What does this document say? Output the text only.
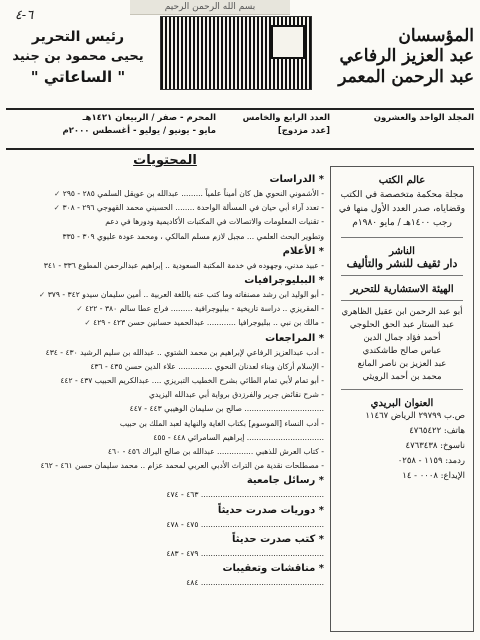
بسم الله الرحمن الرحيم
٦-٤
المؤسسان
عبد العزيز الرفاعي
عبد الرحمن المعمر
رئيس التحرير
يحيى محمود بن جنيد
" الساعاتي "
المجلد الواحد والعشرون
العدد الرابع والخامس
[عدد مزدوج]
المحرم - صفر / الربيعان ١٤٢١هـ
مايو - يونيو / يوليو - أغسطس ٢٠٠٠م
عالم الكتب
مجلة محكمة متخصصة في الكتب وقضاياه، صدر العدد الأول منها في رجب ١٤٠٠هـ / مايو ١٩٨٠م
الناشر
دار ثقيف للنشر والتأليف
الهيئة الاستشارية للتحرير
أبو عبد الرحمن ابن عقيل الظاهري
عبد الستار عبد الحق الحلوجي
أحمد فؤاد جمال الدين
عباس صالح طاشكندي
عبد العزيز بن ناصر المانع
محمد بن أحمد الرويثي
العنوان البريدي
ص.ب ٢٩٧٩٩ الرياض ١١٤٦٧
هاتف: ٤٧٦٥٤٢٢
ناسوخ: ٤٧٦٣٤٣٨
ردمد: ١١٥٩ - ٠٢٥٨
الإيداع: ٠٠٠٨ - ١٤
المحتويات
* الدراسات
- الأشموني النحوي هل كان أميناً علمياً ......... عبدالله بن عويقل السلمي ٢٨٥ - ٢٩٥ ✓
- تعدد آراء أبي حيان في المسألة الواحدة ........ الحسيني محمد القهوجي ٢٩٦ - ٣٠٨ ✓
- تقنيات المعلومات والاتصالات في المكتبات الأكاديمية ودورها في دعم
وتطوير البحث العلمي ... مجبل لازم مسلم المالكي ، ومحمد عودة عليوي ٣٠٩ - ٣٣٥
* الأعلام
- عبيد مدني، وجهوده في خدمة المكتبة السعودية .. إبراهيم عبدالرحمن المطوع ٣٣٦ - ٣٤١
* الببليوجرافيات
- أبو الوليد ابن رشد مصنفاته وما كتب عنه باللغة العربية .. أمين سليمان سيدو ٣٤٢ - ٣٧٩ ✓
- المقريزي .. دراسة تاريخية - ببليوجرافية ......... فراج عطا سالم ٣٨٠ - ٤٢٢ ✓
- مالك بن نبي .. ببليوجرافيا ............ عبدالحميد حسانين حسن ٤٢٣ - ٤٢٩ ✓
* المراجعات
- أدب عبدالعزيز الرفاعي لإبراهيم بن محمد الشتوي .. عبدالله بن سليم الرشيد ٤٣٠ - ٤٣٤
- الإسلام أركان وبناء لعدنان النحوي .............. علاء الدين حسن ٤٣٥ - ٤٣٦
- أبو تمام لأبي تمام الطائي بشرح الخطيب التبريزي .... عبدالكريم الحبيب ٤٣٧ - ٤٤٢
- شرح نقائض جرير والفرزدق برواية أبي عبدالله اليزيدي
................................. صالح بن سليمان الوهيبي ٤٤٣ - ٤٤٧
- أدب النساء [الموسوم] بكتاب الغاية والنهاية لعبد الملك بن حبيب
................................ إبراهيم السامرائي ٤٤٨ - ٤٥٥
- كتاب العرش للذهبي ............... عبدالله بن صالح البراك ٤٥٦ - ٤٦٠
- مصطلحات نقدية من التراث الأدبي العربي لمحمد عزام .. محمد سليمان حسن ٤٦١ - ٤٦٢
* رسائل جامعية
................................................... ٤٦٣ - ٤٧٤
* دوريات صدرت حديثاً
................................................... ٤٧٥ - ٤٧٨
* كتب صدرت حديثاً
................................................... ٤٧٩ - ٤٨٣
* مناقشات وتعقيبات
................................................... ٤٨٤
